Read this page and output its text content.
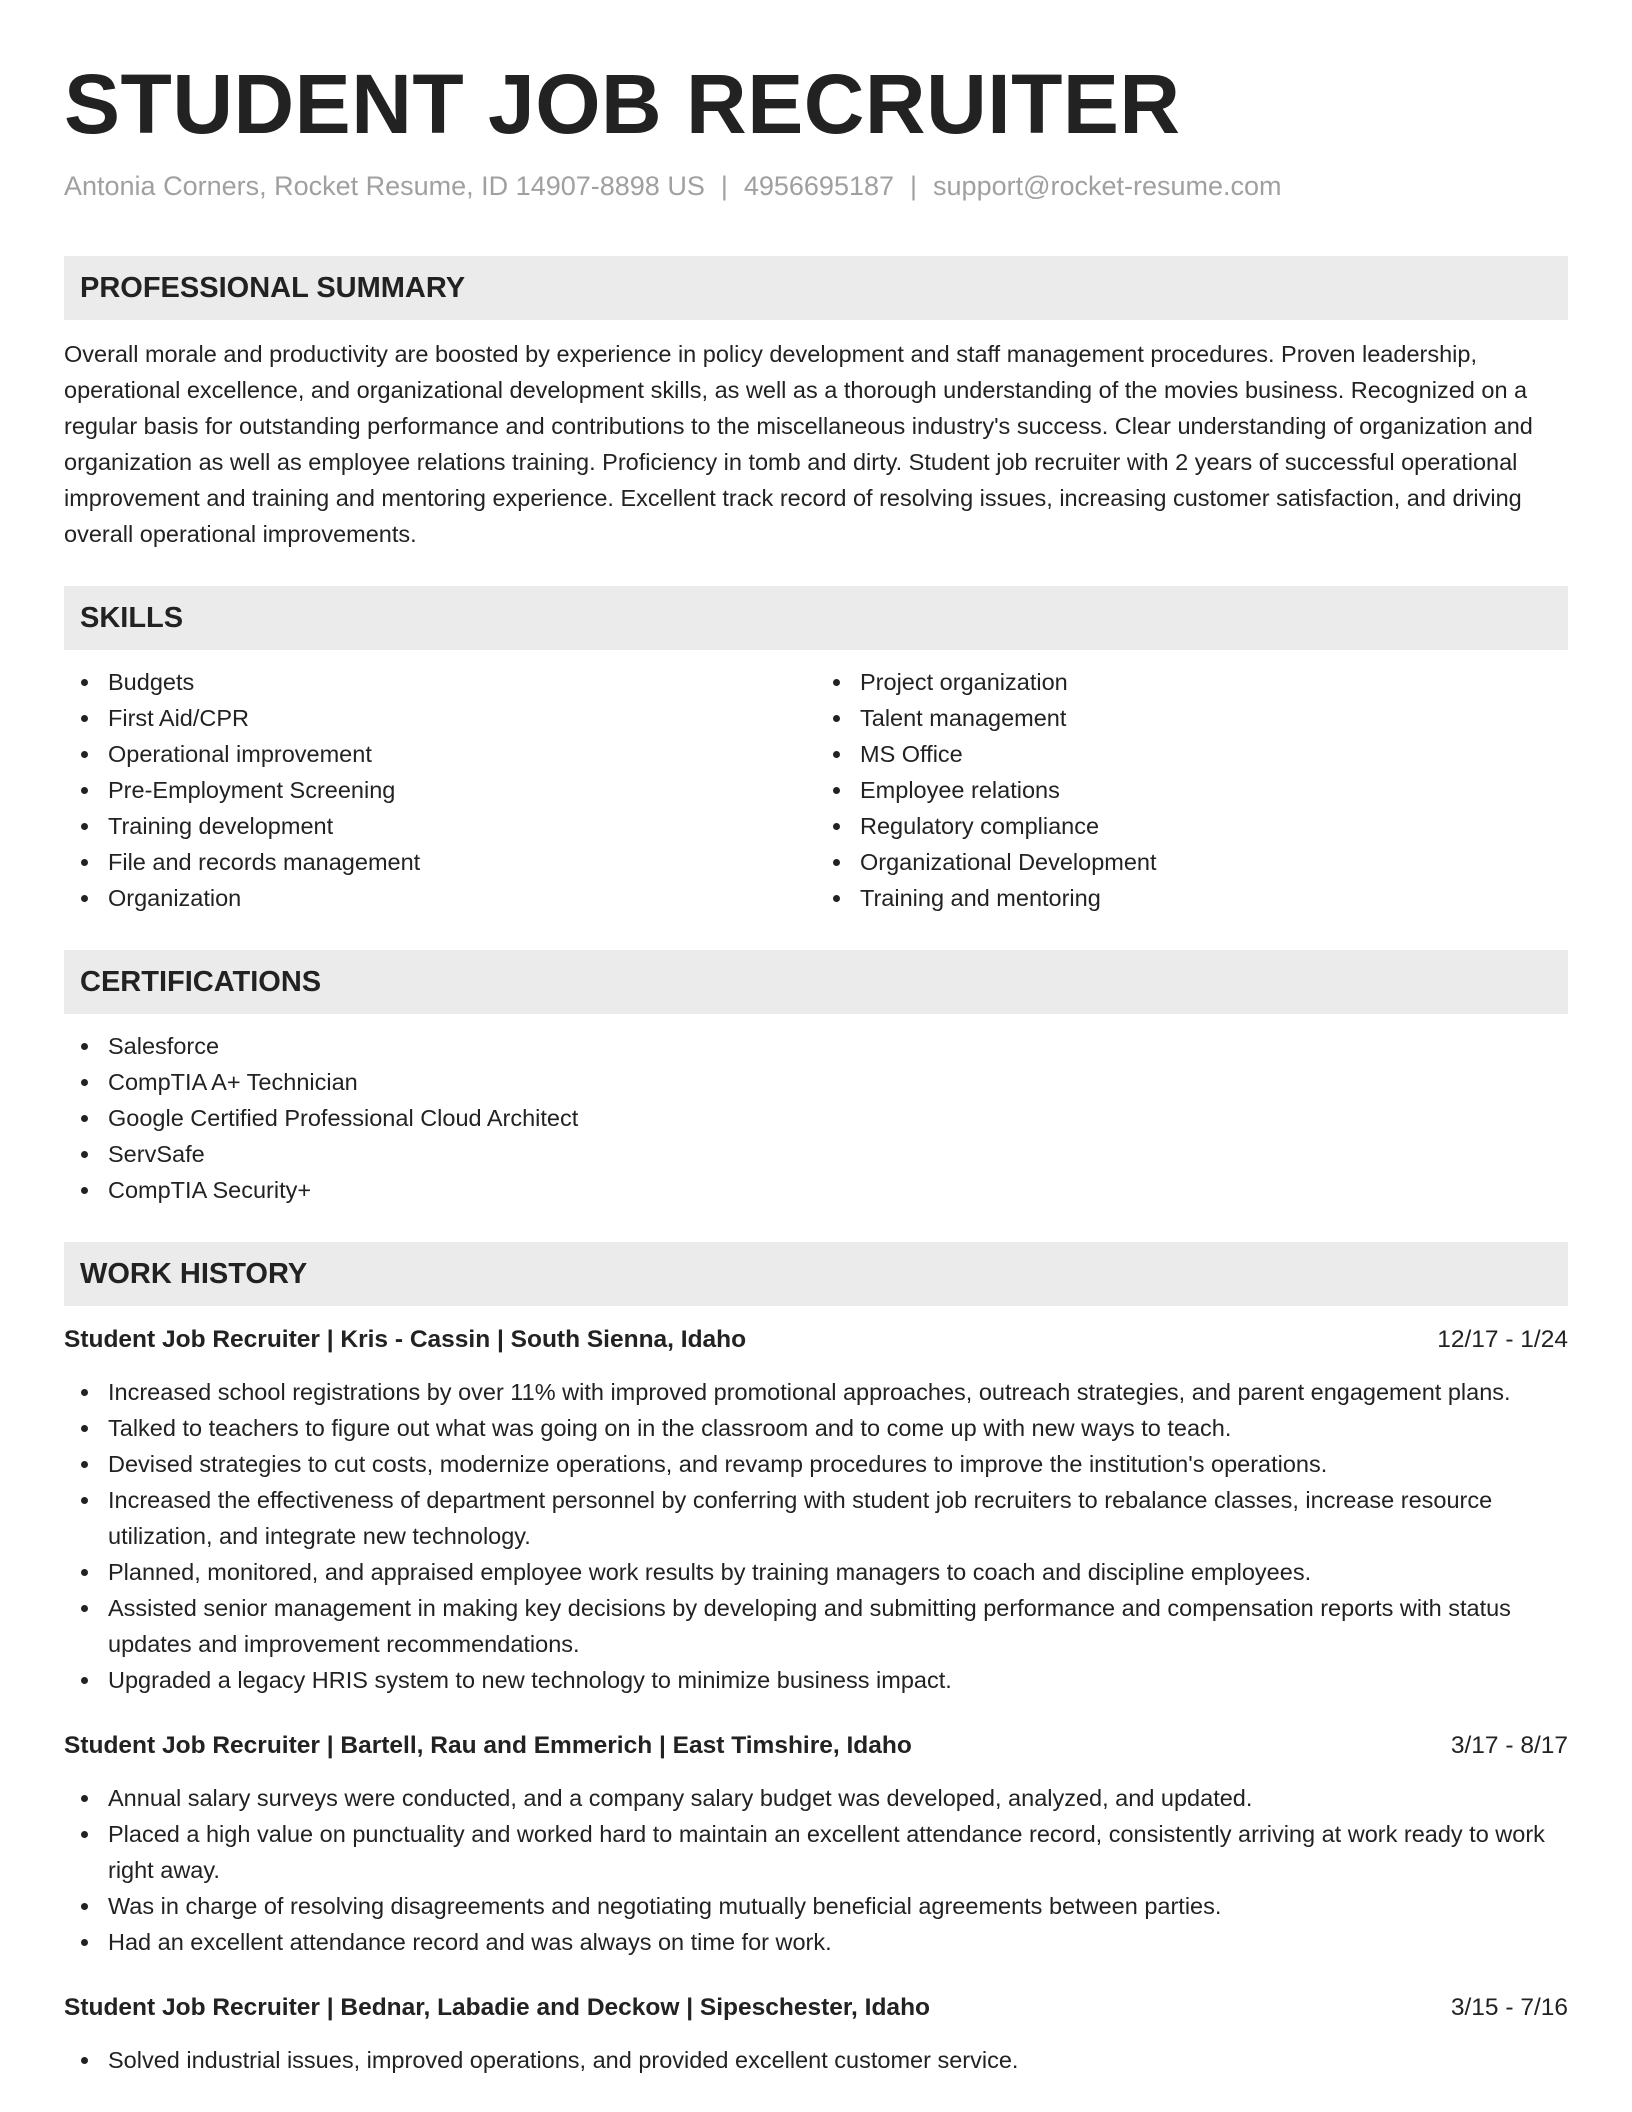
STUDENT JOB RECRUITER
Antonia Corners, Rocket Resume, ID 14907-8898 US | 4956695187 | support@rocket-resume.com
PROFESSIONAL SUMMARY

Overall morale and productivity are boosted by experience in policy development and staff management procedures. Proven leadership, operational excellence, and organizational development skills, as well as a thorough understanding of the movies business. Recognized on a regular basis for outstanding performance and contributions to the miscellaneous industry's success. Clear understanding of organization and organization as well as employee relations training. Proficiency in tomb and dirty. Student job recruiter with 2 years of successful operational improvement and training and mentoring experience. Excellent track record of resolving issues, increasing customer satisfaction, and driving overall operational improvements.

SKILLS
Budgets
First Aid/CPR
Operational improvement
Pre-Employment Screening
Training development
File and records management
Organization
Project organization
Talent management
MS Office
Employee relations
Regulatory compliance
Organizational Development
Training and mentoring
CERTIFICATIONS
Salesforce
CompTIA A+ Technician
Google Certified Professional Cloud Architect
ServSafe
CompTIA Security+
WORK HISTORY
Student Job Recruiter | Kris - Cassin | South Sienna, Idaho	12/17 - 1/24
Increased school registrations by over 11% with improved promotional approaches, outreach strategies, and parent engagement plans.
Talked to teachers to figure out what was going on in the classroom and to come up with new ways to teach.
Devised strategies to cut costs, modernize operations, and revamp procedures to improve the institution's operations.
Increased the effectiveness of department personnel by conferring with student job recruiters to rebalance classes, increase resource utilization, and integrate new technology.
Planned, monitored, and appraised employee work results by training managers to coach and discipline employees.
Assisted senior management in making key decisions by developing and submitting performance and compensation reports with status updates and improvement recommendations.
Upgraded a legacy HRIS system to new technology to minimize business impact.
Student Job Recruiter | Bartell, Rau and Emmerich | East Timshire, Idaho	3/17 - 8/17
Annual salary surveys were conducted, and a company salary budget was developed, analyzed, and updated.
Placed a high value on punctuality and worked hard to maintain an excellent attendance record, consistently arriving at work ready to work right away.
Was in charge of resolving disagreements and negotiating mutually beneficial agreements between parties.
Had an excellent attendance record and was always on time for work.
Student Job Recruiter | Bednar, Labadie and Deckow | Sipeschester, Idaho	3/15 - 7/16
Solved industrial issues, improved operations, and provided excellent customer service.
